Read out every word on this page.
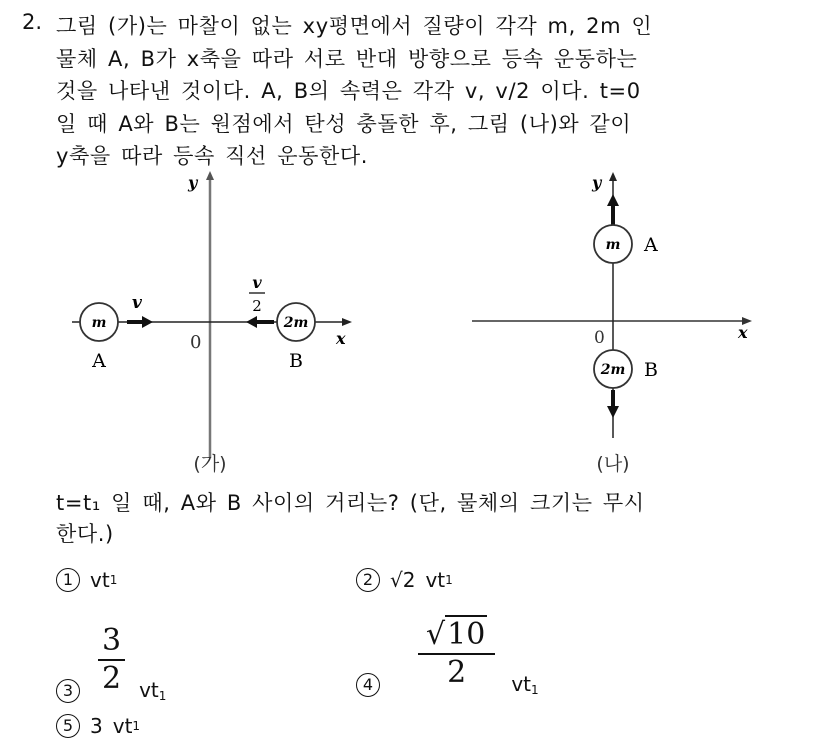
2. 그림 (가)는 마찰이 없는 xy평면에서 질량이 각각 m, 2m 인
물체 A, B가 x축을 따라 서로 반대 방향으로 등속 운동하는
것을 나타낸 것이다. A, B의 속력은 각각 v, v/2 이다. t=0
일 때 A와 B는 원점에서 탄성 충돌한 후, 그림 (나)와 같이
y축을 따라 등속 직선 운동한다.
y
x
0
m
A
v
2m
B
v
2
(가)
x
0
y
m A
2m B
(나)
t=t₁ 일 때, A와 B 사이의 거리는? (단, 물체의 크기는 무시
한다.)
1 vt 1	2 √2 vt 1
$3 \frac{3}{2} vt_1$
$4 \frac{√10}{2} vt_1$
5 3 vt 1
